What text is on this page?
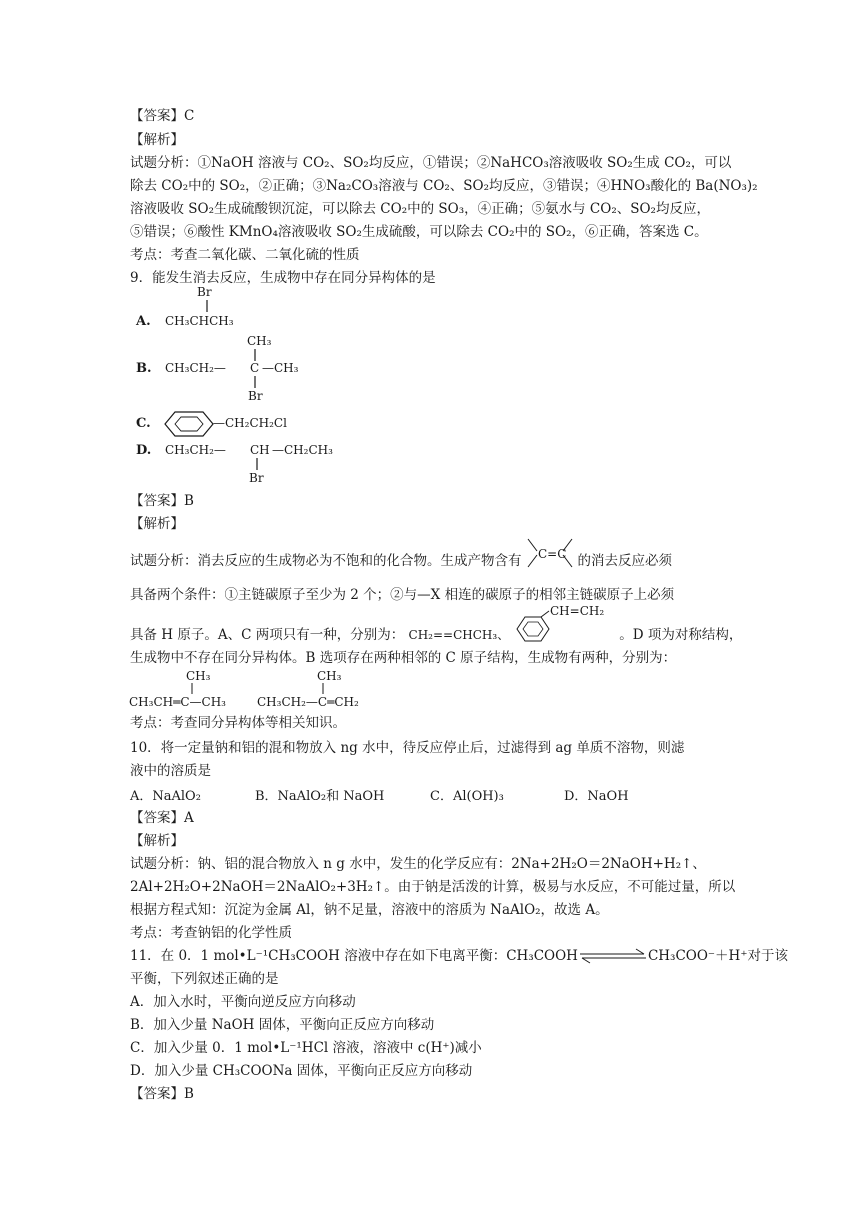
【答案】C
【解析】
试题分析：①NaOH 溶液与 CO₂、SO₂均反应，①错误；②NaHCO₃溶液吸收 SO₂生成 CO₂，可以
除去 CO₂中的 SO₂，②正确；③Na₂CO₃溶液与 CO₂、SO₂均反应，③错误；④HNO₃酸化的 Ba(NO₃)₂
溶液吸收 SO₂生成硫酸钡沉淀，可以除去 CO₂中的 SO₃，④正确；⑤氨水与 CO₂、SO₂均反应，
⑤错误；⑥酸性 KMnO₄溶液吸收 SO₂生成硫酸，可以除去 CO₂中的 SO₂，⑥正确，答案选 C。
考点：考查二氧化碳、二氧化硫的性质
9．能发生消去反应，生成物中存在同分异构体的是
A.
Br
CH₃CHCH₃
B.
CH₃
CH₃CH₂— C —CH₃
Br
C.	—CH₂CH₂Cl
D. CH₃CH₂— CH —CH₂CH₃
Br
【答案】B
【解析】
试题分析：消去反应的生成物必为不饱和的化合物。生成产物含有 C=C 的消去反应必须
具备两个条件：①主链碳原子至少为 2 个；②与—X 相连的碳原子的相邻主链碳原子上必须
具备 H 原子。A、C 两项只有一种，分别为： CH₂==CHCH₃、
CH=CH₂
。D 项为对称结构，
生成物中不存在同分异构体。B 选项存在两种相邻的 C 原子结构，生成物有两种，分别为：
CH₃
CH₃CH═C—CH₃
CH₃
CH₃CH₂—C═CH₂
考点：考查同分异构体等相关知识。
10．将一定量钠和铝的混和物放入 ng 水中，待反应停止后，过滤得到 ag 单质不溶物，则滤
液中的溶质是
A．NaAlO₂	B．NaAlO₂和 NaOH	C．Al(OH)₃	D．NaOH
【答案】A
【解析】
试题分析：钠、铝的混合物放入 n g 水中，发生的化学反应有：2Na+2H₂O＝2NaOH+H₂↑、
2Al+2H₂O+2NaOH＝2NaAlO₂+3H₂↑。由于钠是活泼的计算，极易与水反应，不可能过量，所以
根据方程式知：沉淀为金属 Al，钠不足量，溶液中的溶质为 NaAlO₂，故选 A。
考点：考查钠铝的化学性质
11．在 0．1 mol•L⁻¹CH₃COOH 溶液中存在如下电离平衡：CH₃COOH	CH₃COO⁻＋H⁺对于该
平衡，下列叙述正确的是
A．加入水时，平衡向逆反应方向移动
B．加入少量 NaOH 固体，平衡向正反应方向移动
C．加入少量 0．1 mol•L⁻¹HCl 溶液，溶液中 c(H⁺)减小
D．加入少量 CH₃COONa 固体，平衡向正反应方向移动
【答案】B
